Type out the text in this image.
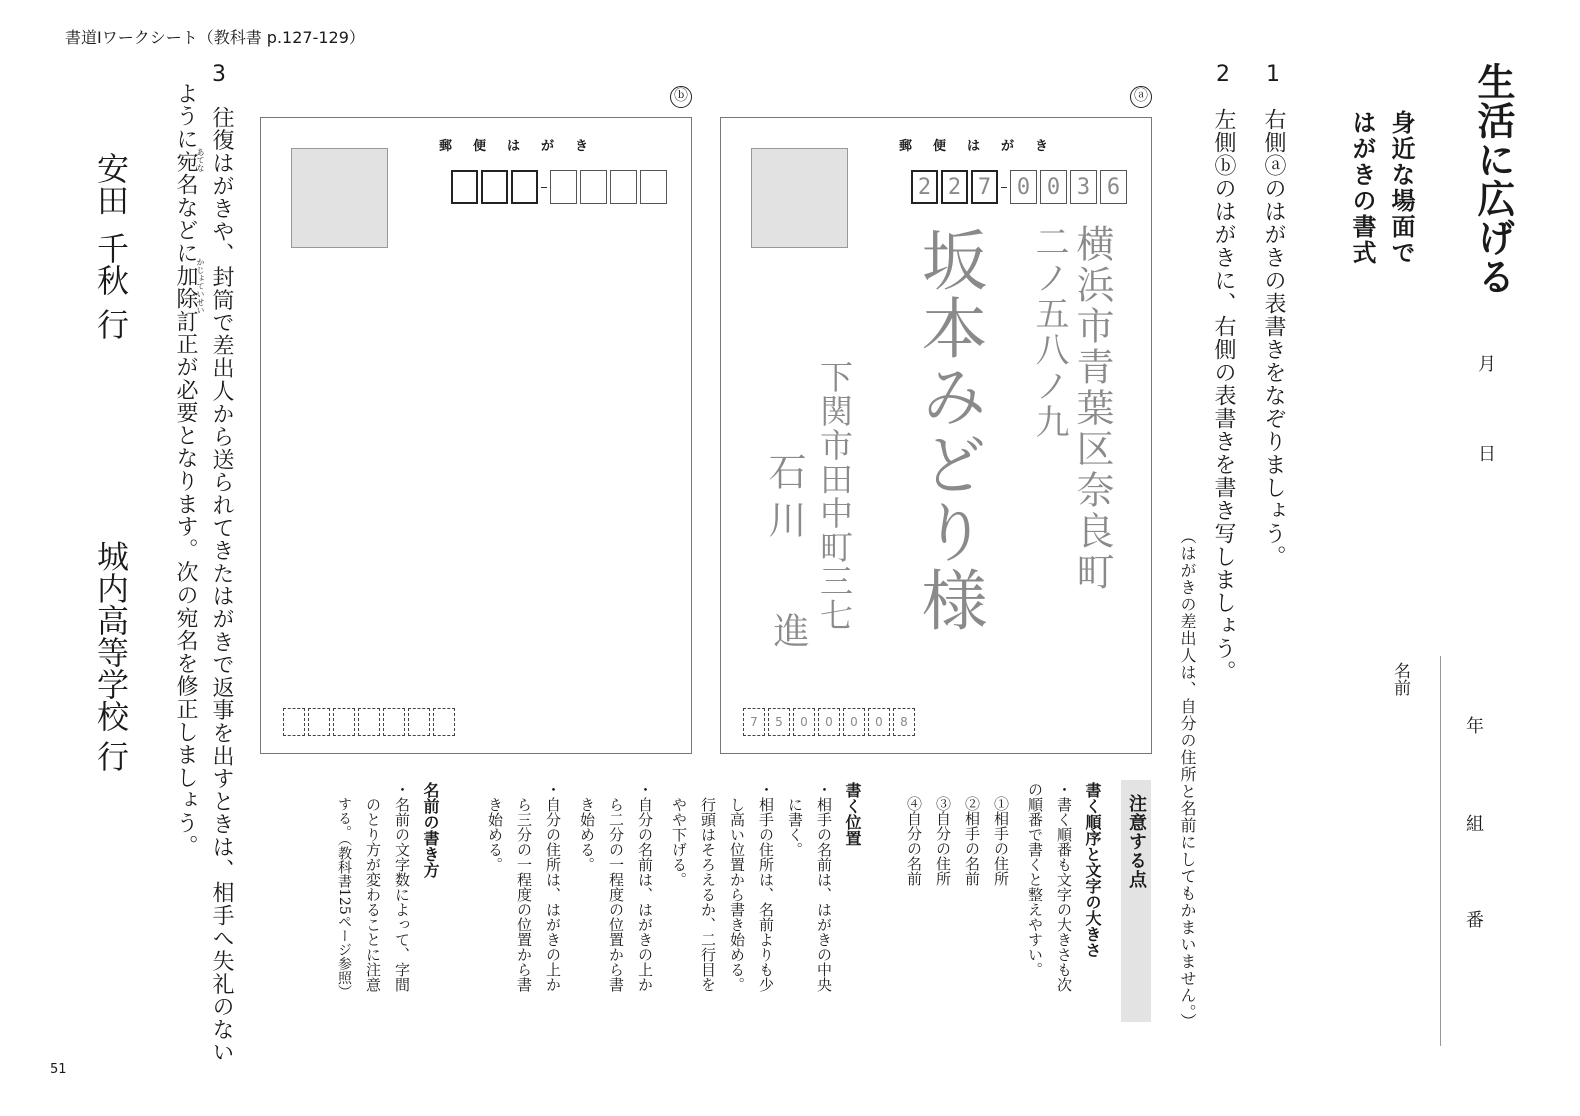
書道Ⅰワークシート（教科書 p.127-129）
51
生活に広げる
身近な場面で
はがきの書式
月
日
名前
年
組
番
1
右側ⓐのはがきの表書きをなぞりましょう。
2
左側ⓑのはがきに、右側の表書きを書き写しましょう。
（はがきの差出人は、自分の住所と名前にしてもかまいません。）
ⓐ
郵便はがき
2 2 7	0 0 3 6
横浜市青葉区奈良町
二ノ五八ノ九
坂本みどり様
下関市田中町三七
石川
進
7	5	0	0	0	0	8
ⓑ
郵便はがき
注意する点
書く順序と文字の大きさ
・書く順番も文字の大きさも次
の順番で書くと整えやすい。
①相手の住所
②相手の名前
③自分の住所
④自分の名前
書く位置
・相手の名前は、はがきの中央
に書く。
・相手の住所は、名前よりも少
し高い位置から書き始める。
行頭はそろえるか、二行目を
やや下げる。
・自分の名前は、はがきの上か
ら二分の一程度の位置から書
き始める。
・自分の住所は、はがきの上か
ら三分の一程度の位置から書
き始める。
名前の書き方
・名前の文字数によって、字間
のとり方が変わることに注意
する。（教科書125ページ参照）
3
往復はがきや、封筒で差出人から送られてきたはがきで返事を出すときは、相手へ失礼のない
ように宛名などに加除訂正が必要となります。次の宛名を修正しましょう。
あてな
かじょていせい
安田
千秋
行
城内高等学校
行
